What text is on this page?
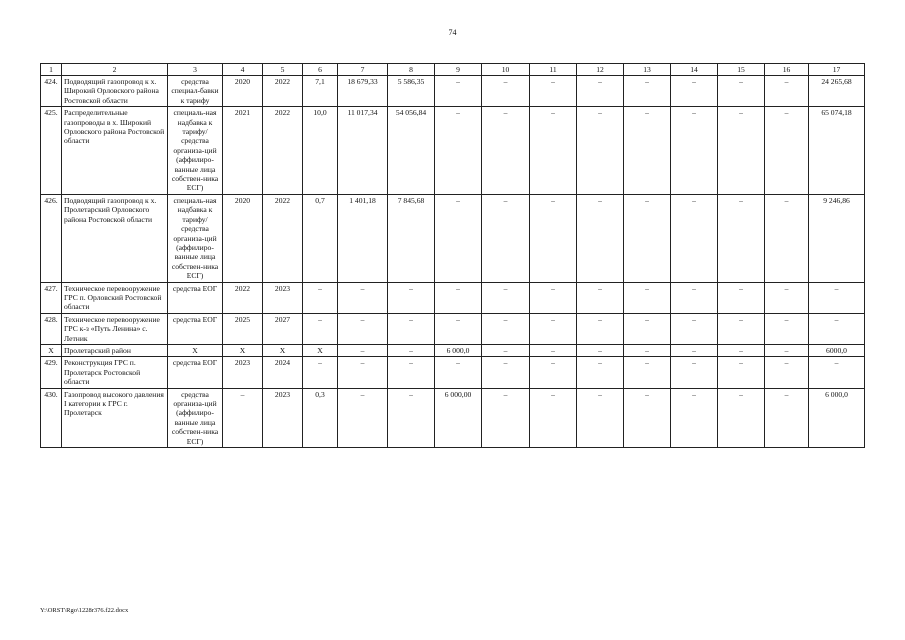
74
1	2	3	4	5	6	7	8	9	10	11	12	13	14	15	16	17
424.	Подводящий газопровод к х. Широкий Орловского района Ростовской области	средства специал-бавки к тарифу	2020	2022	7,1	18 679,33	5 586,35	–	–	–	–	–	–	–	–	24 265,68
425.	Распределительные газопроводы в х. Широкий Орловского района Ростовской области	специаль-ная надбавка к тарифу/ средства организа-ций (аффилиро-ванные лица собствен-ника ЕСГ)	2021	2022	10,0	11 017,34	54 056,84	–	–	–	–	–	–	–	–	65 074,18
426.	Подводящий газопровод к х. Пролетарский Орловского района Ростовской области	специаль-ная надбавка к тарифу/ средства организа-ций (аффилиро-ванные лица собствен-ника ЕСГ)	2020	2022	0,7	1 401,18	7 845,68	–	–	–	–	–	–	–	–	9 246,86
427.	Техническое перевооружение ГРС п. Орловский Ростовской области	средства ЕОГ	2022	2023	–	–	–	–	–	–	–	–	–	–	–	–
428.	Техническое перевооружение ГРС к-з «Путь Ленина» с. Летник	средства ЕОГ	2025	2027	–	–	–	–	–	–	–	–	–	–	–	–
Х	Пролетарский район	Х	Х	Х	Х	–	–	6 000,0	–	–	–	–	–	–	–	6000,0
429.	Реконструкция ГРС п. Пролетарск Ростовской области	средства ЕОГ	2023	2024	–	–	–	–	–	–	–	–	–	–	–	–
430.	Газопровод высокого давления I категории к ГРС г. Пролетарск	средства организа-ций (аффилиро-ванные лица собствен-ника ЕСГ)	–	2023	0,3	–	–	6 000,00	–	–	–	–	–	–	–	6 000,0
Y:\ORST\Rgo\1228r376.f22.docx
